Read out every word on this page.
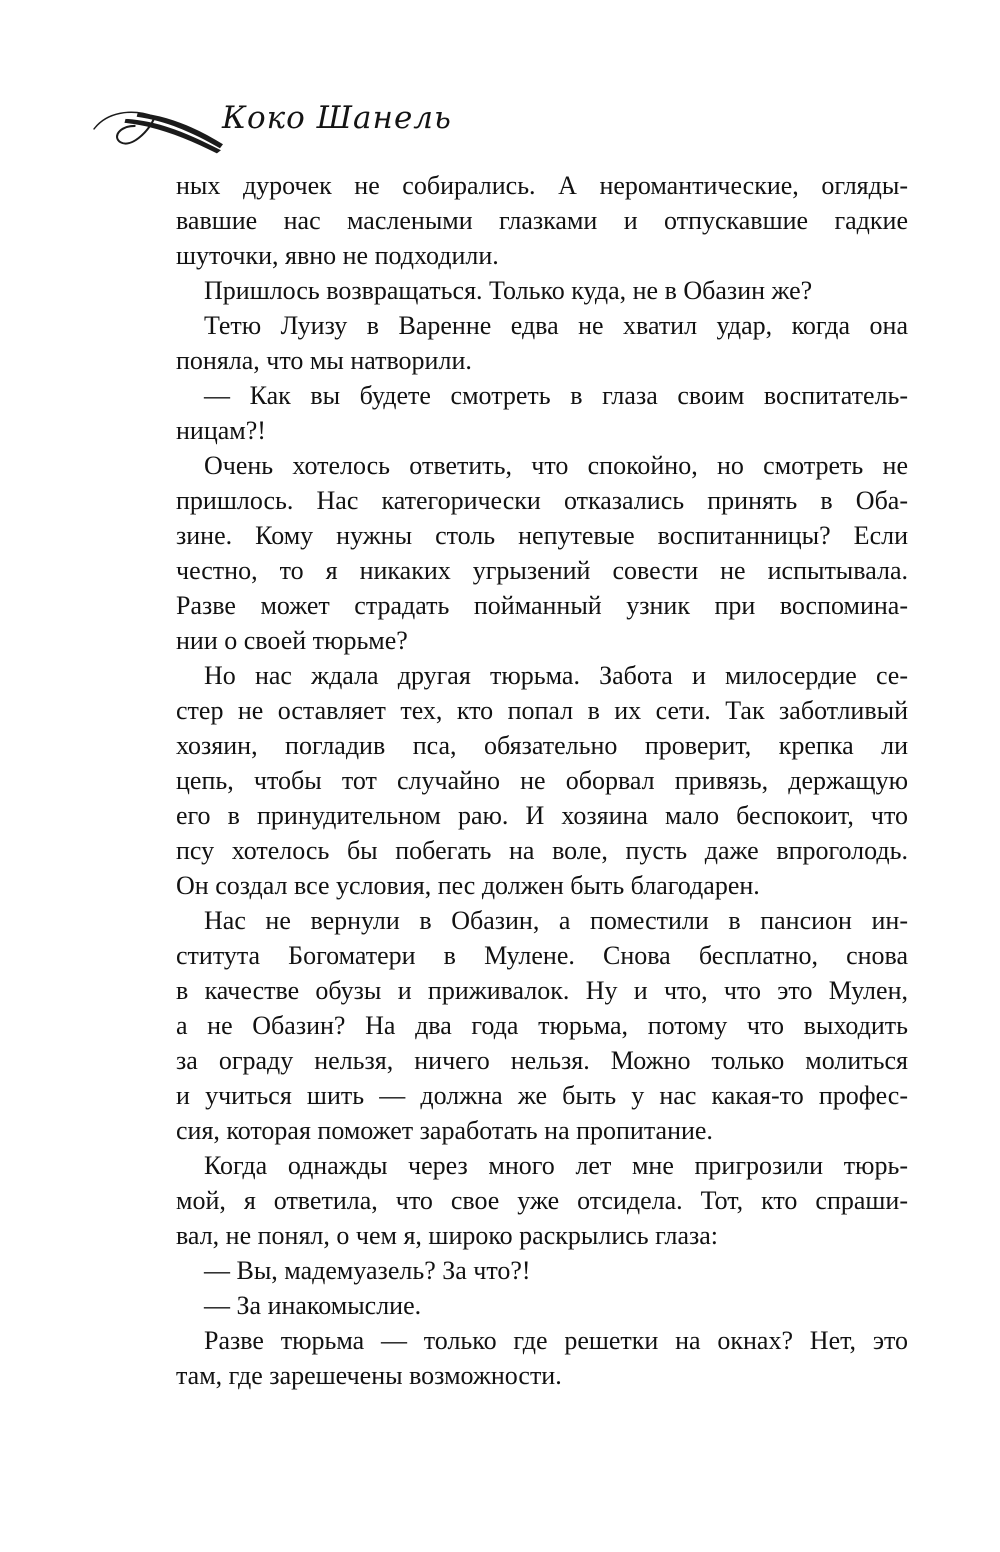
Коко Шанель
ных дурочек не собирались. А неромантические, огляды-
вавшие нас маслеными глазками и отпускавшие гадкие
шуточки, явно не подходили.
Пришлось возвращаться. Только куда, не в Обазин же?
Тетю Луизу в Варенне едва не хватил удар, когда она
поняла, что мы натворили.
— Как вы будете смотреть в глаза своим воспитатель-
ницам?!
Очень хотелось ответить, что спокойно, но смотреть не
пришлось. Нас категорически отказались принять в Оба-
зине. Кому нужны столь непутевые воспитанницы? Если
честно, то я никаких угрызений совести не испытывала.
Разве может страдать пойманный узник при воспомина-
нии о своей тюрьме?
Но нас ждала другая тюрьма. Забота и милосердие се-
стер не оставляет тех, кто попал в их сети. Так заботливый
хозяин, погладив пса, обязательно проверит, крепка ли
цепь, чтобы тот случайно не оборвал привязь, держащую
его в принудительном раю. И хозяина мало беспокоит, что
псу хотелось бы побегать на воле, пусть даже впроголодь.
Он создал все условия, пес должен быть благодарен.
Нас не вернули в Обазин, а поместили в пансион ин-
ститута Богоматери в Мулене. Снова бесплатно, снова
в качестве обузы и приживалок. Ну и что, что это Мулен,
а не Обазин? На два года тюрьма, потому что выходить
за ограду нельзя, ничего нельзя. Можно только молиться
и учиться шить — должна же быть у нас какая-то профес-
сия, которая поможет заработать на пропитание.
Когда однажды через много лет мне пригрозили тюрь-
мой, я ответила, что свое уже отсидела. Тот, кто спраши-
вал, не понял, о чем я, широко раскрылись глаза:
— Вы, мадемуазель? За что?!
— За инакомыслие.
Разве тюрьма — только где решетки на окнах? Нет, это
там, где зарешечены возможности.
